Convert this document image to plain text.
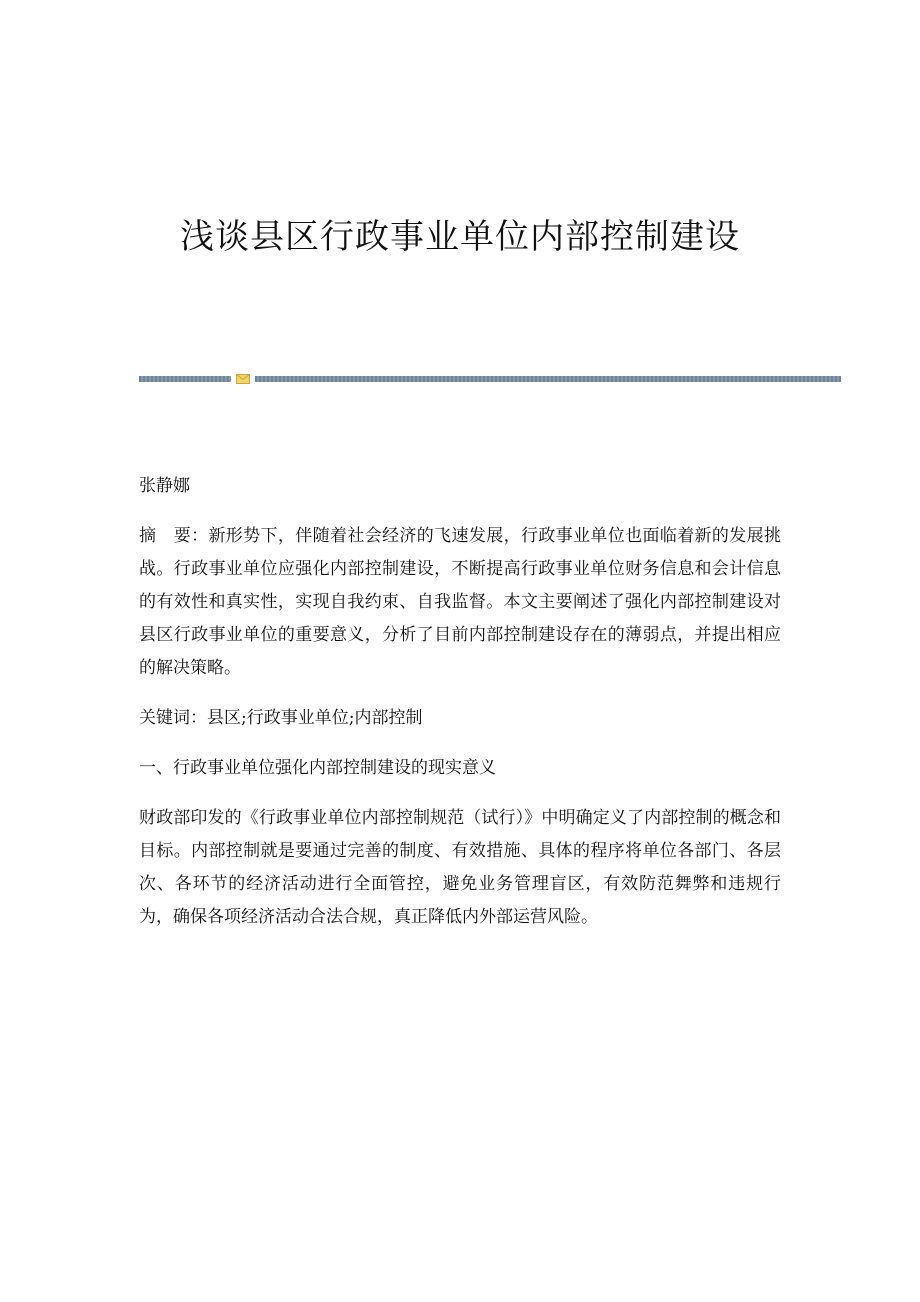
浅谈县区行政事业单位内部控制建设

张静娜

摘　要：新形势下，伴随着社会经济的飞速发展，行政事业单位也面临着新的发展挑战。行政事业单位应强化内部控制建设，不断提高行政事业单位财务信息和会计信息的有效性和真实性，实现自我约束、自我监督。本文主要阐述了强化内部控制建设对县区行政事业单位的重要意义，分析了目前内部控制建设存在的薄弱点，并提出相应的解决策略。

关键词：县区;行政事业单位;内部控制

一、行政事业单位强化内部控制建设的现实意义

财政部印发的《行政事业单位内部控制规范（试行）》中明确定义了内部控制的概念和目标。内部控制就是要通过完善的制度、有效措施、具体的程序将单位各部门、各层次、各环节的经济活动进行全面管控，避免业务管理盲区，有效防范舞弊和违规行为，确保各项经济活动合法合规，真正降低内外部运营风险。
